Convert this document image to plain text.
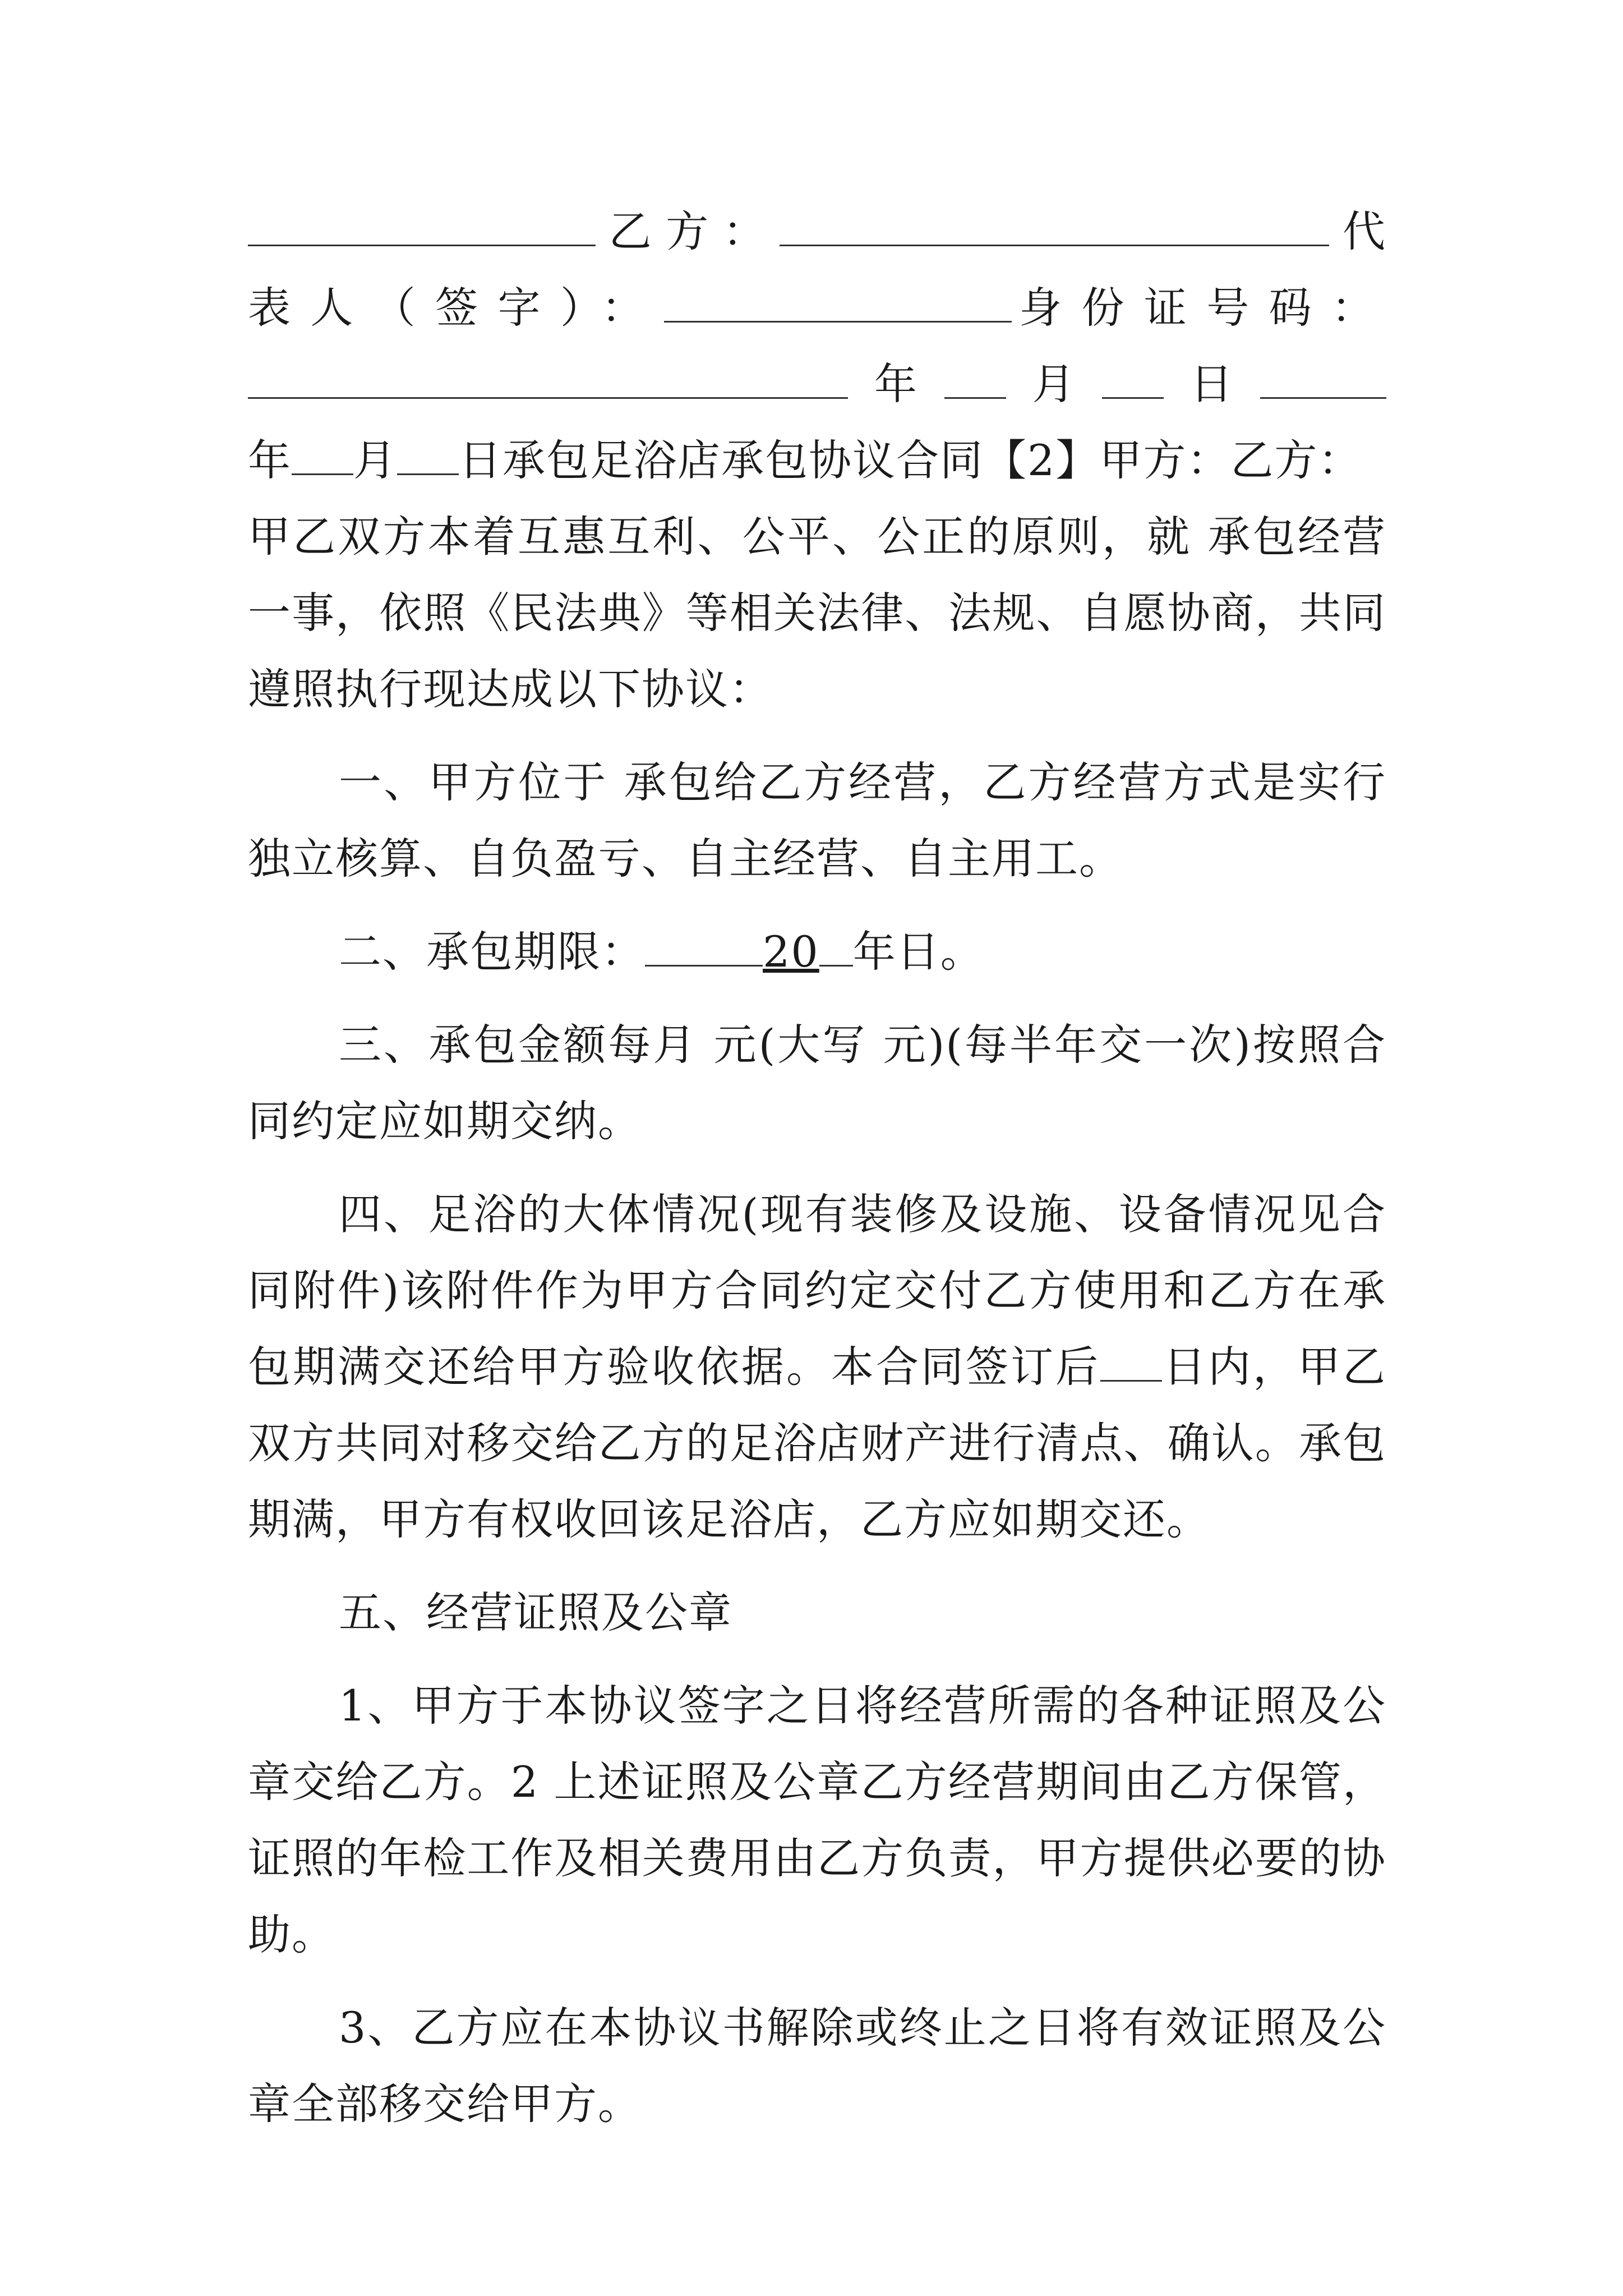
乙方：	代
表人（签字）：	身份证号码：
年 月 日
年 月 日承包足浴店承包协议合同【2】甲方：乙方：
甲乙双方本着互惠互利、公平、公正的原则，就 承包经营
一事，依照《民法典》等相关法律、法规、自愿协商，共同
遵照执行现达成以下协议：
一、甲方位于 承包给乙方经营，乙方经营方式是实行
独立核算、自负盈亏、自主经营、自主用工。
二、承包期限：	20 年日。
三、承包金额每月 元(大写 元)(每半年交一次)按照合
同约定应如期交纳。
四、足浴的大体情况(现有装修及设施、设备情况见合
同附件)该附件作为甲方合同约定交付乙方使用和乙方在承
包期满交还给甲方验收依据。本合同签订后 日内，甲乙
双方共同对移交给乙方的足浴店财产进行清点、确认。承包
期满，甲方有权收回该足浴店，乙方应如期交还。
五、经营证照及公章
1、甲方于本协议签字之日将经营所需的各种证照及公
章交给乙方。2 上述证照及公章乙方经营期间由乙方保管，
证照的年检工作及相关费用由乙方负责，甲方提供必要的协
助。
3、乙方应在本协议书解除或终止之日将有效证照及公
章全部移交给甲方。
